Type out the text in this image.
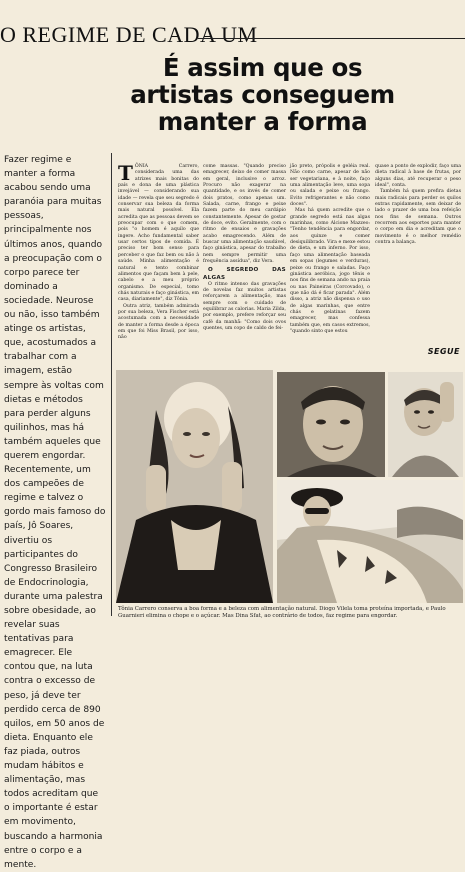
O REGIME DE CADA UM
É assim que os
artistas conseguem
manter a forma
Fazer regime e manter a forma acabou sendo uma paranóia para muitas pessoas, principalmente nos últimos anos, quando a preocupação com o corpo parece ter dominado a sociedade. Neurose ou não, isso também atinge os artistas, que, acostumados a trabalhar com a imagem, estão sempre às voltas com dietas e métodos para perder alguns quilinhos, mas há também aqueles que querem engordar. Recentemente, um dos campeões de regime e talvez o gordo mais famoso do país, Jô Soares, divertiu os participantes do Congresso Brasileiro de Endocrinologia, durante uma palestra sobre obesidade, ao revelar suas tentativas para emagrecer. Ele contou que, na luta contra o excesso de peso, já deve ter perdido cerca de 890 quilos, em 50 anos de dieta. Enquanto ele faz piada, outros mudam hábitos e alimentação, mas todos acreditam que o importante é estar em movimento, buscando a harmonia entre o corpo e a mente.

TÔNIA Carrero, considerada uma das atrizes mais bonitas do país e dona de uma plástica invejável — considerando sua idade — revela que seu segredo é conservar sua beleza da forma mais natural possível. Ela acredita que as pessoas devem se preocupar com o que comem, pois "o homem é aquilo que ingere. Acho fundamental saber usar certos tipos de comida. É preciso ter bom senso para perceber o que faz bem ou não à saúde. Minha alimentação é natural e tento combinar alimentos que façam bem à pele, cabelo e a meu próprio organismo. De especial, tomo chás naturais e faço ginástica, em casa, diariamente", diz Tônia.

Outra atriz, também admirada por sua beleza, Vera Fischer está acostumada com a necessidade de manter a forma desde a época em que foi Miss Brasil, por isso, não

come massas. "Quando preciso emagrecer, deixo de comer massa em geral, inclusive o arroz. Procuro não exagerar na quantidade, e os invés de comer dois pratos, como apenas um. Salada, carne, frango e peixe fazem parte do meu cardápio constantemente. Apesar de gostar de doce, evito. Geralmente, com o ritmo de ensaios e gravações acabo emagrecendo. Além de buscar uma alimentação saudável, faço ginástica, apesar do trabalho nem sempre permitir uma frequência assídua", diz Vera.

O SEGREDO DAS ALGAS

O ritmo intenso das gravações de novelas faz muitos artistas reforçarem a alimentação, mas sempre com o cuidado de equilibrar as calorias. Maria Zilda, por exemplo, prefere reforçar seu café da manhã: "Como dois ovos quentes, um copo de caldo de fei-

jão preto, própolis e geléia real. Não como carne, apesar de não ser vegetariana, e à noite, faço uma alimentação leve, uma sopa ou salada e peixe ou frango. Evito refrigerantes e não como doces".

Mas há quem acredite que o grande segredo está nas algas marinhas, como Alcione Mazzeo: "Tenho tendência para engordar, aos quinze e comer desiquilibrado. Vira e mexe estou de dieta, e um inferno. Por isso, faço uma alimentação baseada em sopas (legumes e verduras), peixe ou frango e saladas. Faço ginástica aeróbica, jogo tênis e nos fins de semana ando na praia ou nas Paineiras (Corcovado), o que não dá é ficar parada". Além disso, a atriz não dispensa o uso de algas marinhas, que entre chás e gelatinas fazem emagrecer, mas confessa também que, em casos extremos, "quando sinto que estou

quase a ponto de explodir, faço uma dieta radical à base de frutas, por alguns dias, até recuperar o peso ideal", conta.

Também há quem prefira dietas mais radicais para perder os quilos extras rapidamente, sem deixar de lado o prazer de uma boa refeição nos fins de semana. Outros recorrem aos esportes para manter o corpo em dia e acreditam que o movimento é o melhor remédio contra a balança.

SEGUE
Tônia Carrero conserva a boa forma e a beleza com alimentação natural. Diogo Vilela toma proteína importada, e Paulo Guarnieri elimina o chope e o açúcar. Mas Dina Sfat, ao contrário de todos, faz regime para engordar.
